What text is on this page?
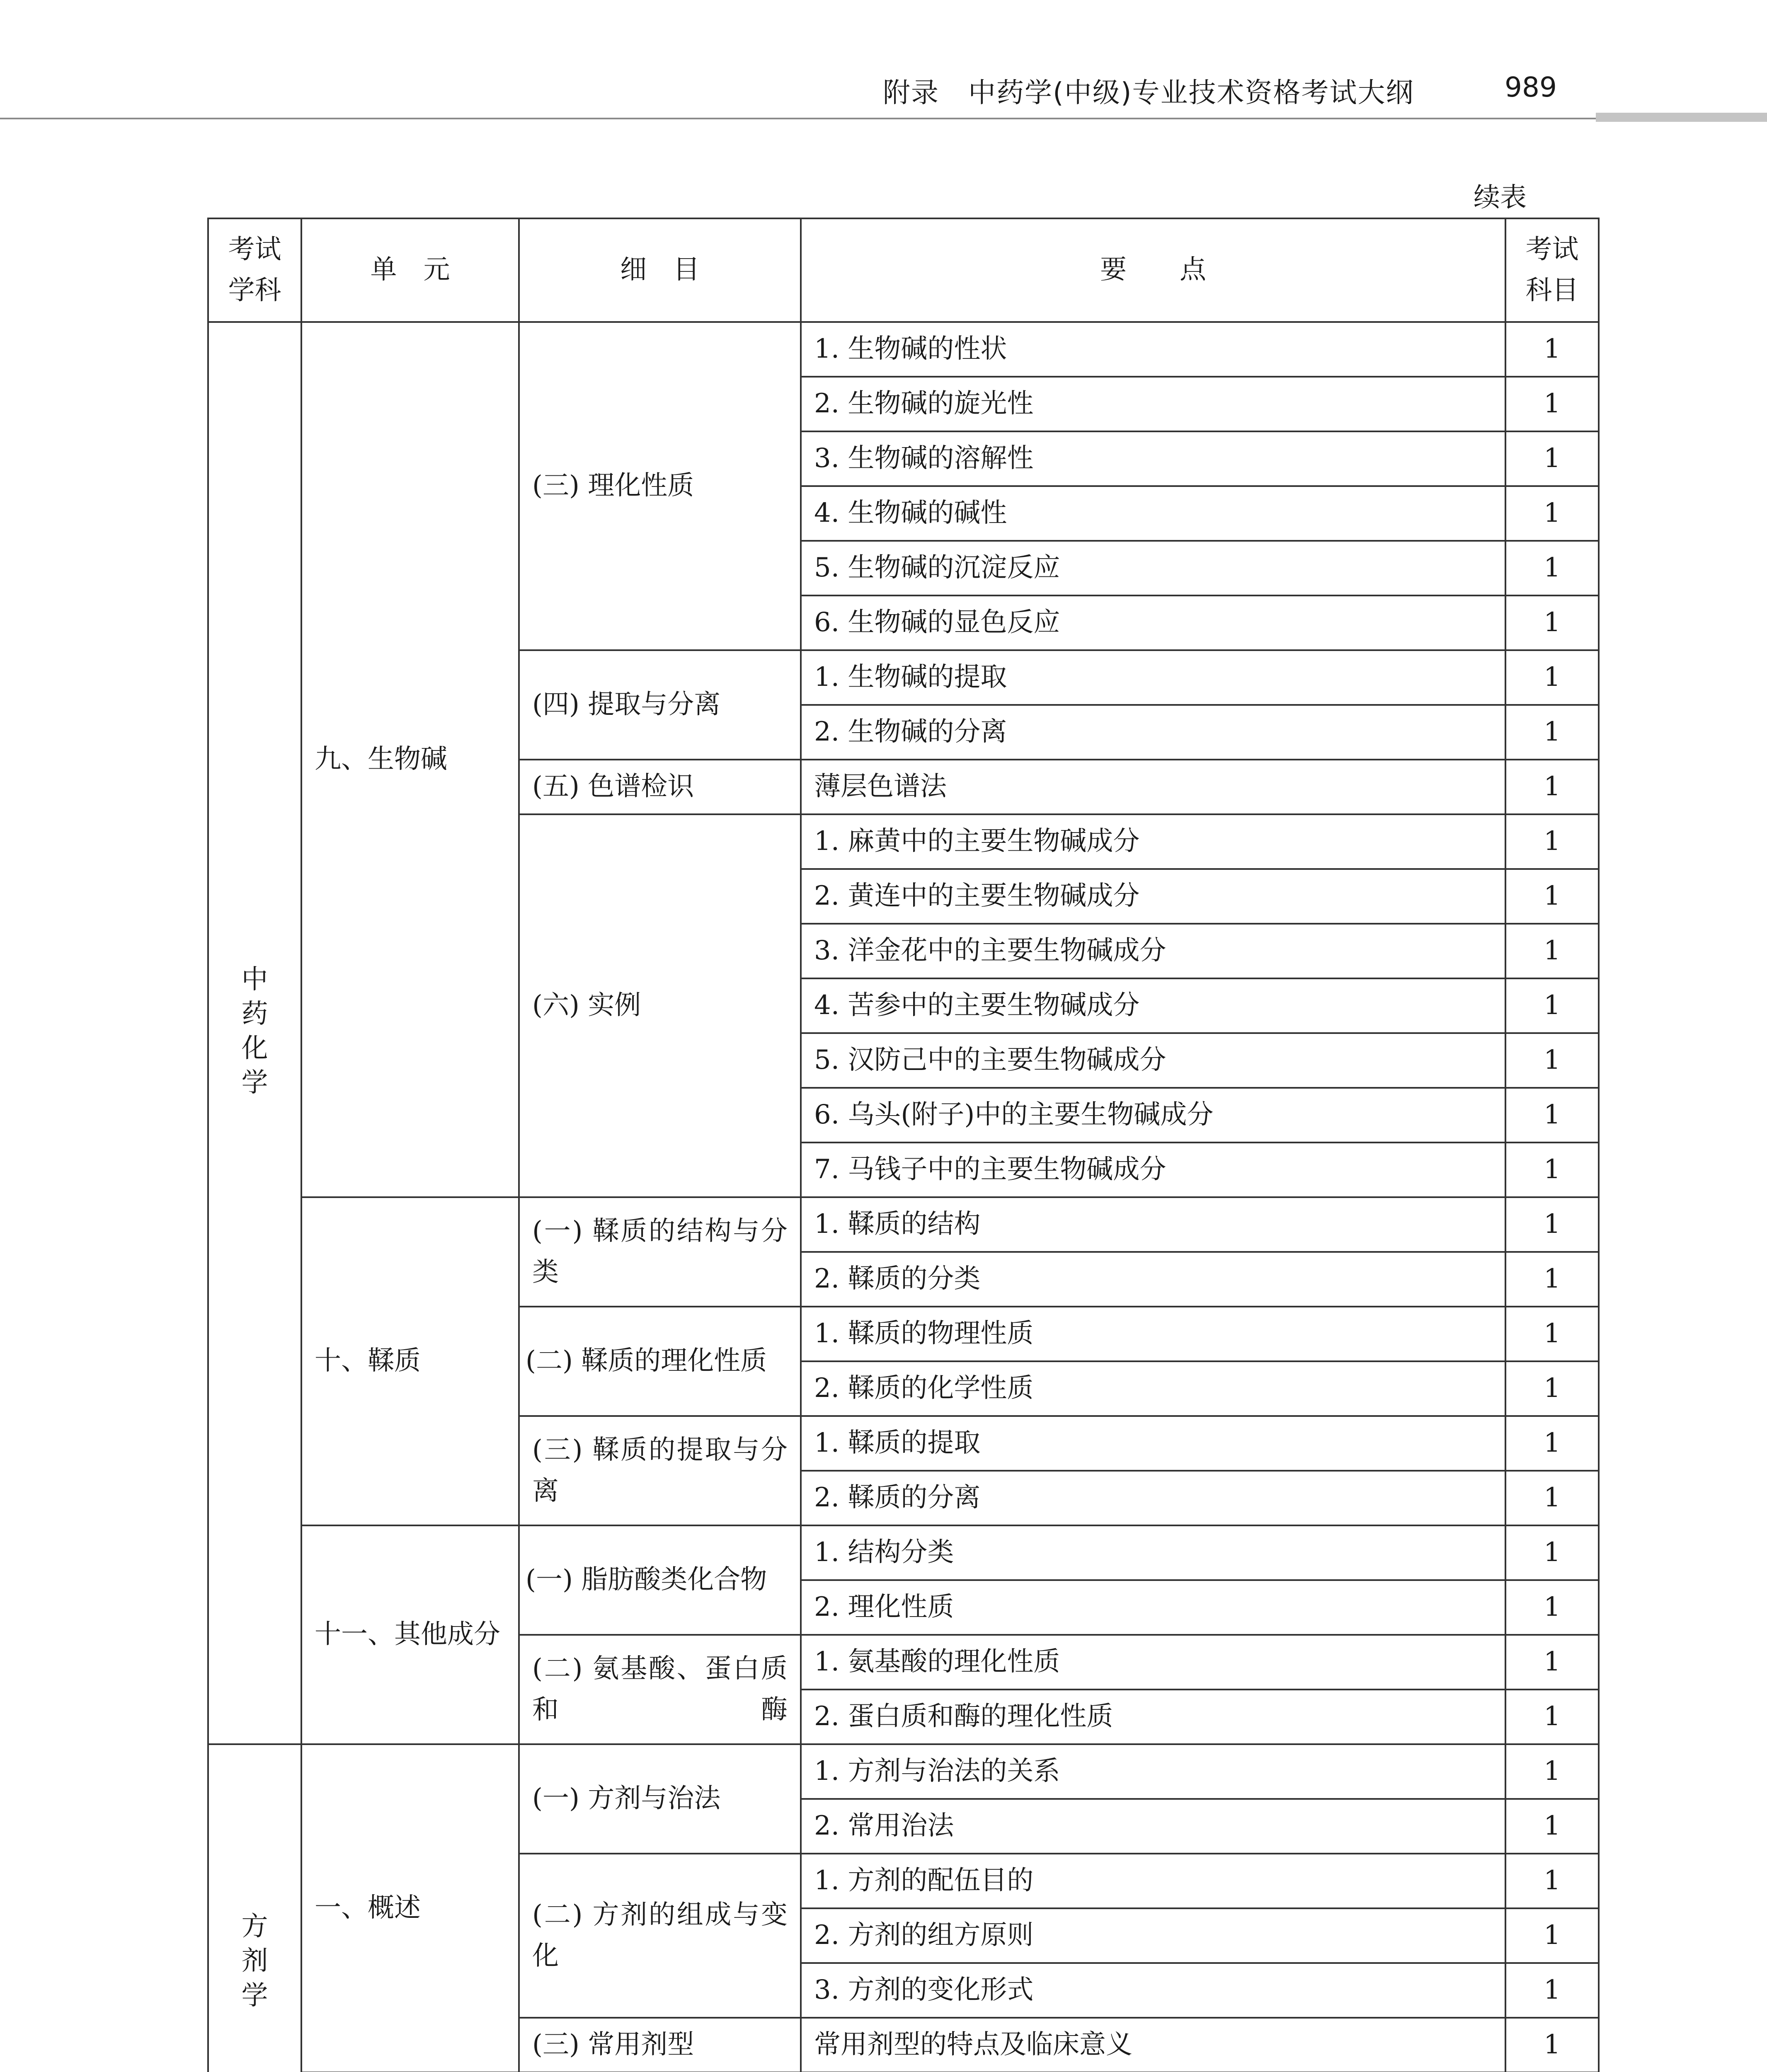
附录 中药学(中级)专业技术资格考试大纲	989
续表
考试学科	单　元	细　目	要　　点	考试科目
中药化学	九、生物碱	(三) 理化性质	1. 生物碱的性状	1
			2. 生物碱的旋光性	1
			3. 生物碱的溶解性	1
			4. 生物碱的碱性	1
			5. 生物碱的沉淀反应	1
			6. 生物碱的显色反应	1
		(四) 提取与分离	1. 生物碱的提取	1
			2. 生物碱的分离	1
		(五) 色谱检识	薄层色谱法	1
		(六) 实例	1. 麻黄中的主要生物碱成分	1
			2. 黄连中的主要生物碱成分	1
			3. 洋金花中的主要生物碱成分	1
			4. 苦参中的主要生物碱成分	1
			5. 汉防己中的主要生物碱成分	1
			6. 乌头(附子)中的主要生物碱成分	1
			7. 马钱子中的主要生物碱成分	1
	十、鞣质	(一) 鞣质的结构与分类	1. 鞣质的结构	1
			2. 鞣质的分类	1
		(二) 鞣质的理化性质	1. 鞣质的物理性质	1
			2. 鞣质的化学性质	1
		(三) 鞣质的提取与分离	1. 鞣质的提取	1
			2. 鞣质的分离	1
	十一、其他成分	(一) 脂肪酸类化合物	1. 结构分类	1
			2. 理化性质	1
		(二) 氨基酸、蛋白质和酶	1. 氨基酸的理化性质	1
			2. 蛋白质和酶的理化性质	1
方剂学	一、概述	(一) 方剂与治法	1. 方剂与治法的关系	1
			2. 常用治法	1
		(二) 方剂的组成与变化	1. 方剂的配伍目的	1
			2. 方剂的组方原则	1
			3. 方剂的变化形式	1
		(三) 常用剂型	常用剂型的特点及临床意义	1
